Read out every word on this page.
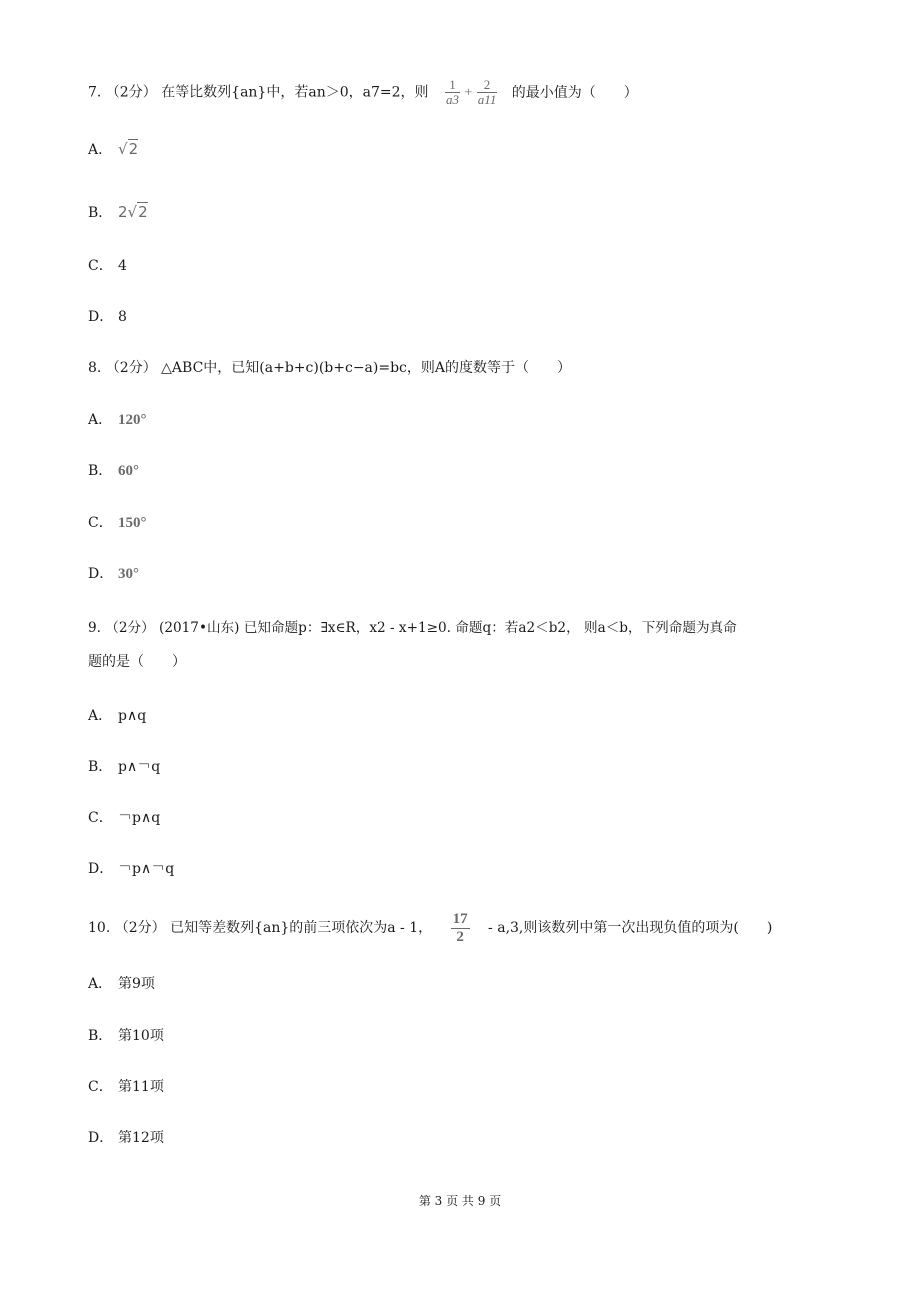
7. （2分） 在等比数列{an}中，若an＞0，a7=2，则 $\frac{1}{a3} + \frac{2}{a11}$ 的最小值为（　　）
A． √2
B． 2√2
C． 4
D． 8
8. （2分） △ABC中，已知(a+b+c)(b+c−a)=bc，则A的度数等于（　　）
A． 120°
B． 60°
C． 150°
D． 30°
9. （2分） (2017•山东) 已知命题p：∃x∈R，x2 - x+1≥0. 命题q：若a2＜b2， 则a＜b，下列命题为真命
题的是（　　）
A． p∧q
B． p∧￢q
C． ￢p∧q
D． ￢p∧￢q
10. （2分） 已知等差数列{an}的前三项依次为a - 1， $\frac{17}{2} - a,3$,则该数列中第一次出现负值的项为(　　)
A． 第9项
B． 第10项
C． 第11项
D． 第12项
第 3 页 共 9 页
